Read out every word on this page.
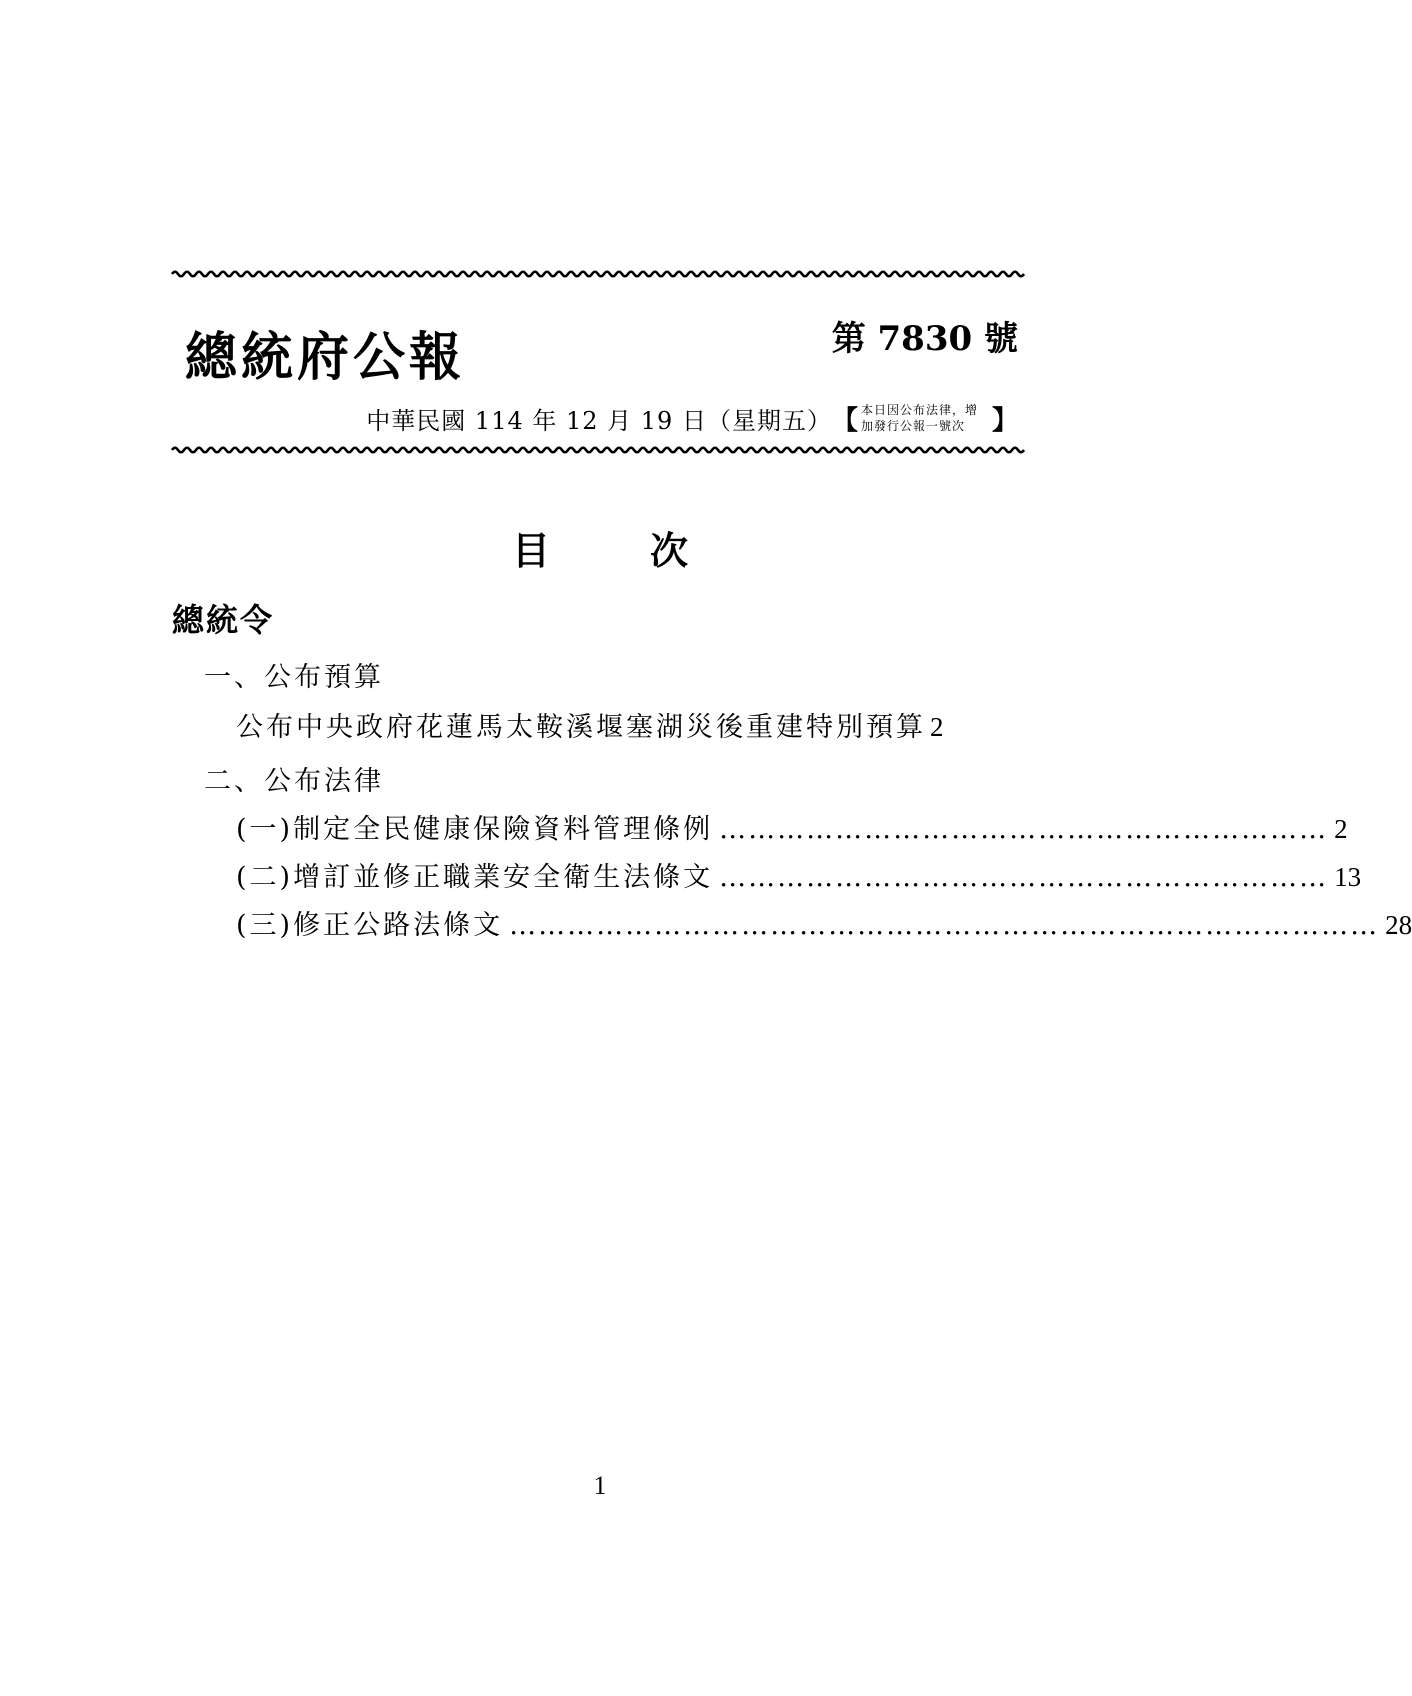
總統府公報	第 7830 號
中華民國 114 年 12 月 19 日（星期五） 【 本日因公布法律，增
加發行公報一號次	】
目	次
總統令
一、公布預算
公布中央政府花蓮馬太鞍溪堰塞湖災後重建特別預算 2
二、公布法律
(一)制定全民健康保險資料管理條例 ……………………………………………………… 2
(二)增訂並修正職業安全衛生法條文 ……………………………………………………… 13
(三)修正公路法條文 ……………………………………………………………………………… 28
1
